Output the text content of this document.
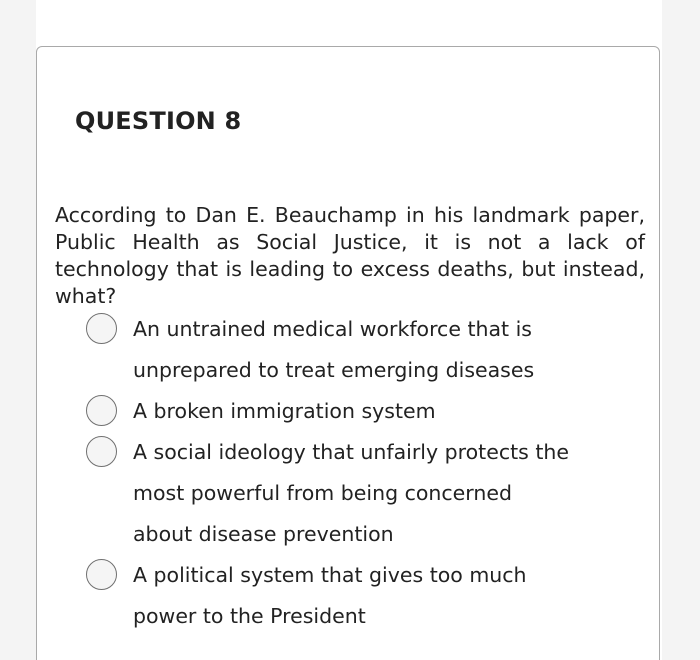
QUESTION 8

According to Dan E. Beauchamp in his landmark paper, Public Health as Social Justice, it is not a lack of technology that is leading to excess deaths, but instead, what?

An untrained medical workforce that is unprepared to treat emerging diseases
A broken immigration system
A social ideology that unfairly protects the most powerful from being concerned about disease prevention
A political system that gives too much power to the President
